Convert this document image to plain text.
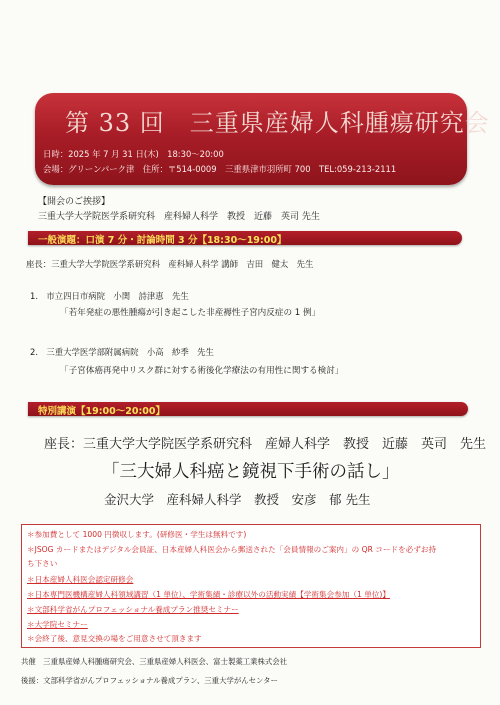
第 33 回　三重県産婦人科腫瘍研究会
日時：2025 年 7 月 31 日(木)　18:30～20:00
会場：グリーンパーク津　住所：〒514-0009　三重県津市羽所町 700　TEL:059-213-2111
【開会のご挨拶】
三重大学大学院医学系研究科　産科婦人科学　教授　近藤　英司 先生
一般演題：口演 7 分・討論時間 3 分【18:30～19:00】
座長：三重大学大学院医学系研究科　産科婦人科学 講師　吉田　健太　先生
1.　市立四日市病院　小関　詩津恵　先生
「若年発症の悪性腫瘍が引き起こした非産褥性子宮内反症の 1 例」
2.　三重大学医学部附属病院　小高　紗季　先生
「子宮体癌再発中リスク群に対する術後化学療法の有用性に関する検討」
特別講演【19:00～20:00】
座長：三重大学大学院医学系研究科　産婦人科学　教授　近藤　英司　先生
「三大婦人科癌と鏡視下手術の話し」
金沢大学　産科婦人科学　教授　安彦　郁 先生
＊参加費として 1000 円徴収します。(研修医・学生は無料です)
＊JSOG カードまたはデジタル会員証、日本産婦人科医会から郵送された「会員情報のご案内」の QR コードを必ずお持
ち下さい
＊日本産婦人科医会認定研修会
＊日本専門医機構産婦人科領域講習（1 単位）、学術集績・診療以外の活動実績【学術集会参加（1 単位)】
＊文部科学省がんプロフェッショナル養成プラン推奨セミナー
＊大学院セミナー
＊会終了後、意見交換の場をご用意させて頂きます
共催　三重県産婦人科腫瘍研究会、三重県産婦人科医会、富士製薬工業株式会社
後援：文部科学省がんプロフェッショナル養成プラン、三重大学がんセンター
